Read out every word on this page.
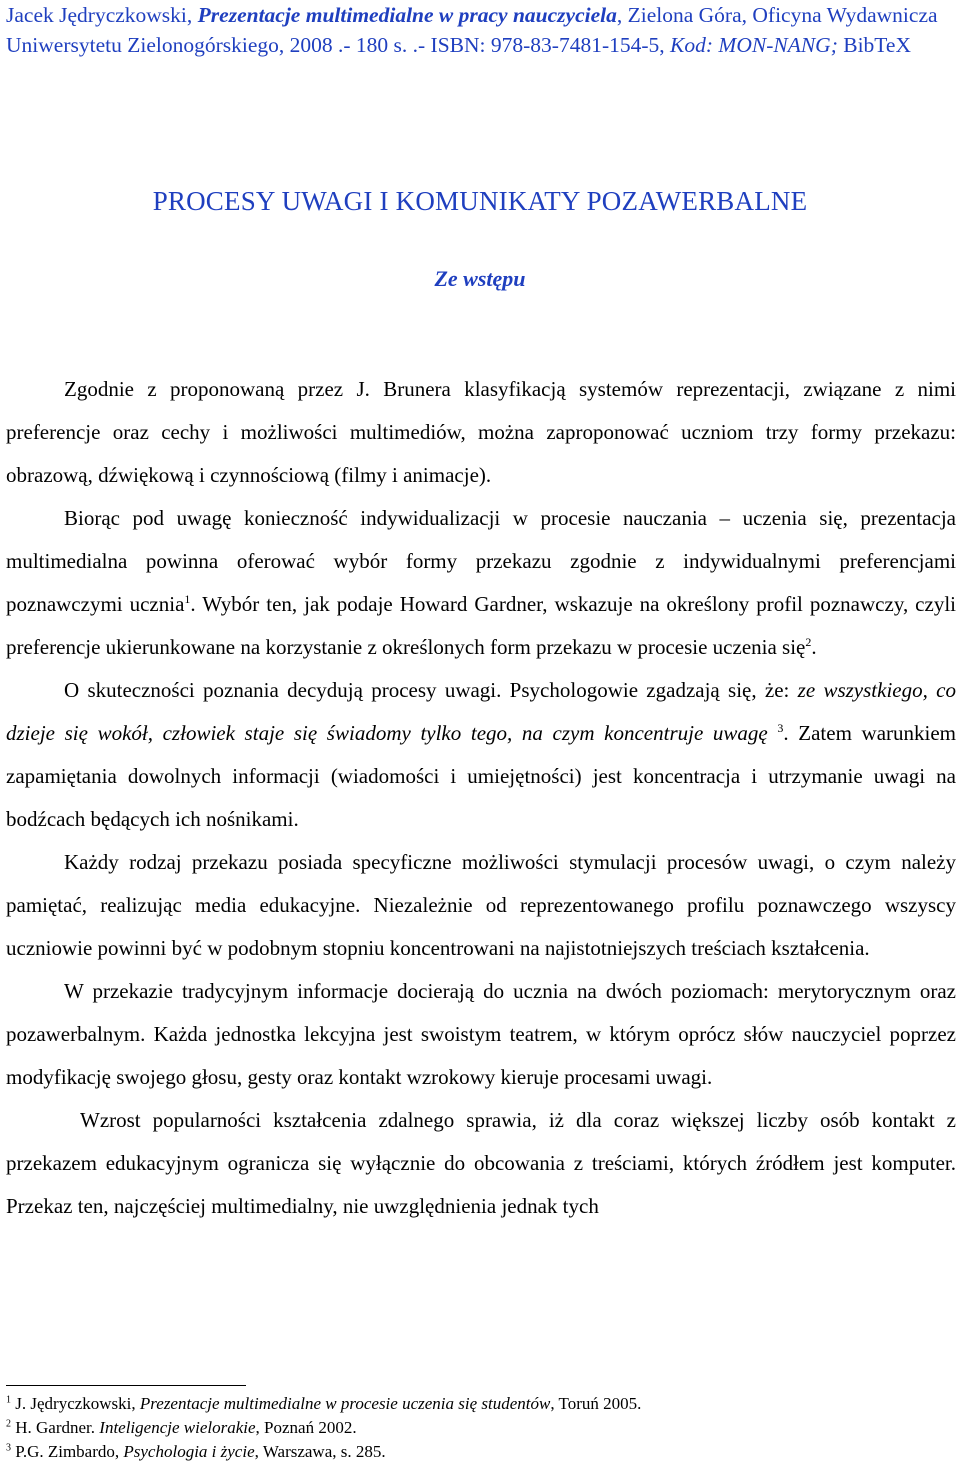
Jacek Jędryczkowski, Prezentacje multimedialne w pracy nauczyciela, Zielona Góra, Oficyna Wydawnicza Uniwersytetu Zielonogórskiego, 2008 .- 180 s. .- ISBN: 978-83-7481-154-5, Kod: MON-NANG; BibTeX
PROCESY UWAGI I KOMUNIKATY POZAWERBALNE
Ze wstępu

Zgodnie z proponowaną przez J. Brunera klasyfikacją systemów reprezentacji, związane z nimi preferencje oraz cechy i możliwości multimediów, można zaproponować uczniom trzy formy przekazu: obrazową, dźwiękową i czynnościową (filmy i animacje).

Biorąc pod uwagę konieczność indywidualizacji w procesie nauczania – uczenia się, prezentacja multimedialna powinna oferować wybór formy przekazu zgodnie z indywidualnymi preferencjami poznawczymi ucznia$^1$. Wybór ten, jak podaje Howard Gardner, wskazuje na określony profil poznawczy, czyli preferencje ukierunkowane na korzystanie z określonych form przekazu w procesie uczenia się$^2$.

O skuteczności poznania decydują procesy uwagi. Psychologowie zgadzają się, że: ze wszystkiego, co dzieje się wokół, człowiek staje się świadomy tylko tego, na czym koncentruje uwagę $^3$. Zatem warunkiem zapamiętania dowolnych informacji (wiadomości i umiejętności) jest koncentracja i utrzymanie uwagi na bodźcach będących ich nośnikami.

Każdy rodzaj przekazu posiada specyficzne możliwości stymulacji procesów uwagi, o czym należy pamiętać, realizując media edukacyjne. Niezależnie od reprezentowanego profilu poznawczego wszyscy uczniowie powinni być w podobnym stopniu koncentrowani na najistotniejszych treściach kształcenia.

W przekazie tradycyjnym informacje docierają do ucznia na dwóch poziomach: merytorycznym oraz pozawerbalnym. Każda jednostka lekcyjna jest swoistym teatrem, w którym oprócz słów nauczyciel poprzez modyfikację swojego głosu, gesty oraz kontakt wzrokowy kieruje procesami uwagi.

Wzrost popularności kształcenia zdalnego sprawia, iż dla coraz większej liczby osób kontakt z przekazem edukacyjnym ogranicza się wyłącznie do obcowania z treściami, których źródłem jest komputer. Przekaz ten, najczęściej multimedialny, nie uwzględnienia jednak tych

$^1$ J. Jędryczkowski, Prezentacje multimedialne w procesie uczenia się studentów, Toruń 2005.
$^2$ H. Gardner. Inteligencje wielorakie, Poznań 2002.
$^3$ P.G. Zimbardo, Psychologia i życie, Warszawa, s. 285.
